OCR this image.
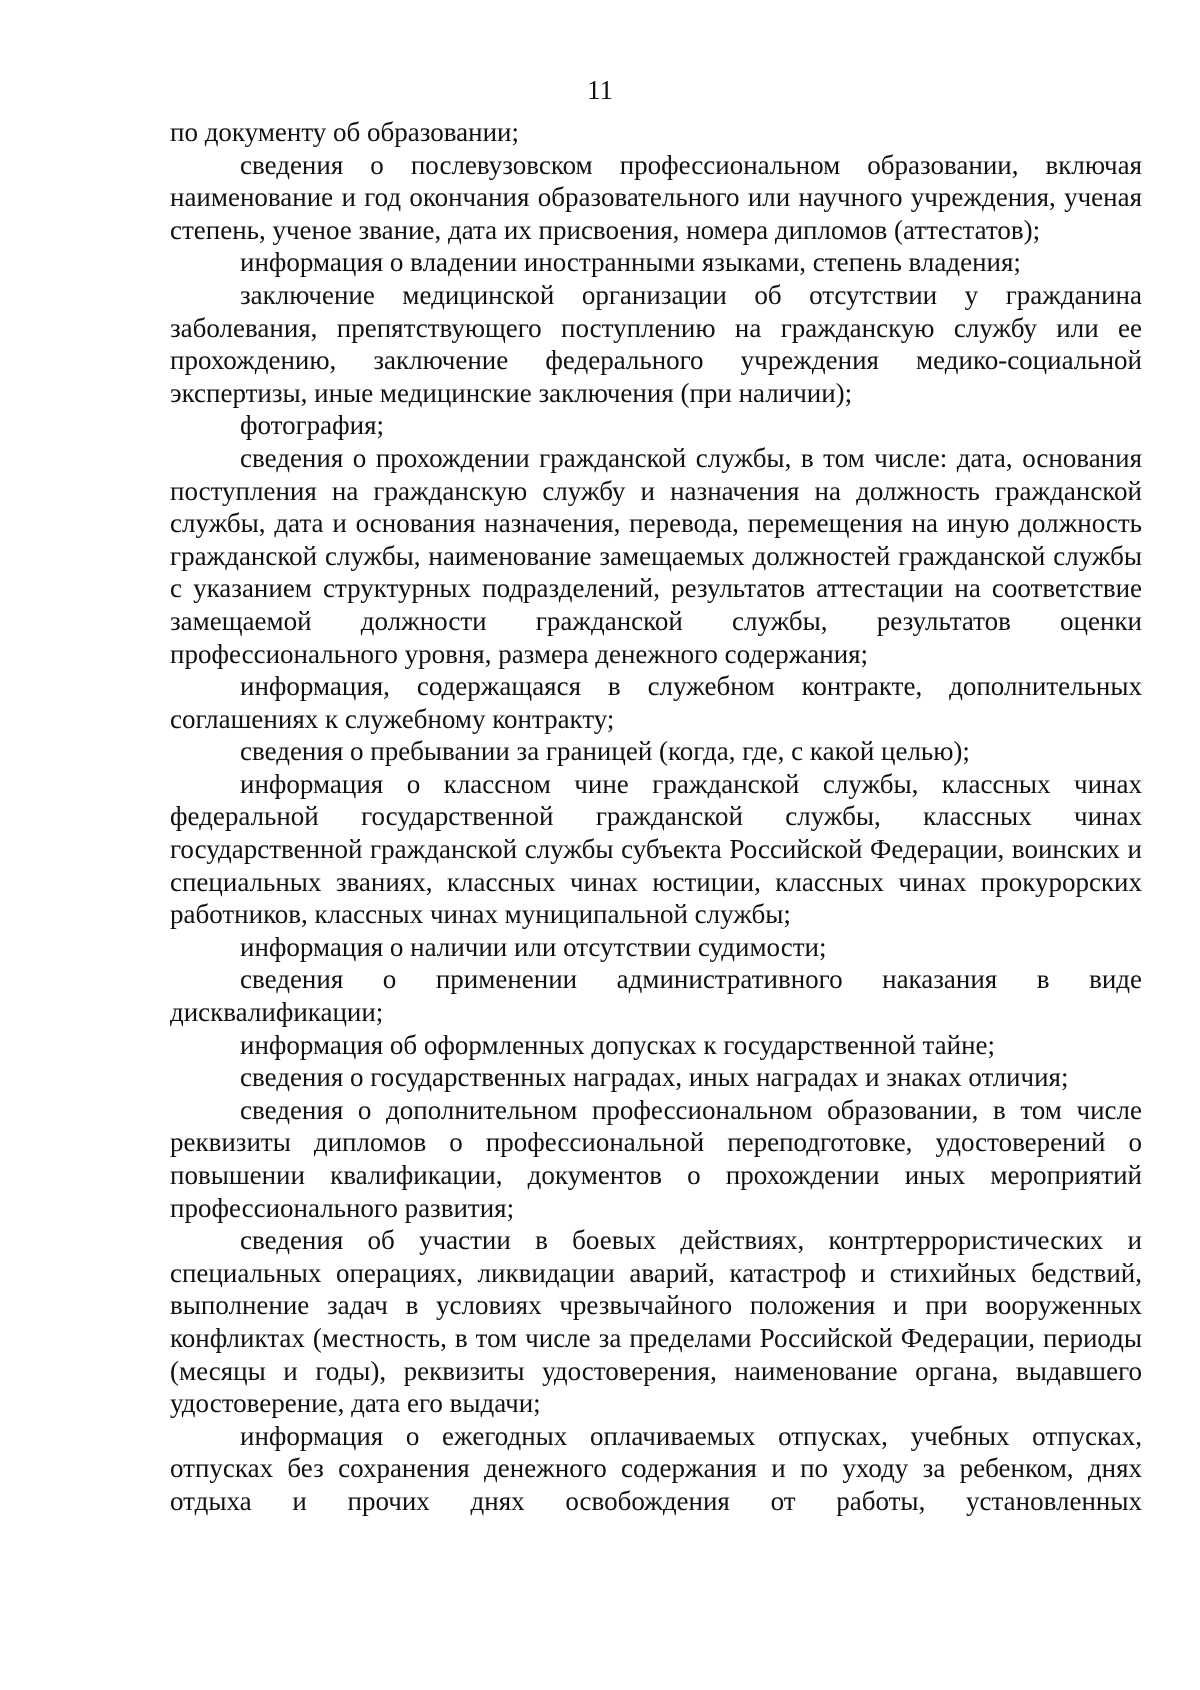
11

по документу об образовании;

сведения о послевузовском профессиональном образовании, включая наименование и год окончания образовательного или научного учреждения, ученая степень, ученое звание, дата их присвоения, номера дипломов (аттестатов);

информация о владении иностранными языками, степень владения;

заключение медицинской организации об отсутствии у гражданина заболевания, препятствующего поступлению на гражданскую службу или ее прохождению, заключение федерального учреждения медико-социальной экспертизы, иные медицинские заключения (при наличии);

фотография;

сведения о прохождении гражданской службы, в том числе: дата, основания поступления на гражданскую службу и назначения на должность гражданской службы, дата и основания назначения, перевода, перемещения на иную должность гражданской службы, наименование замещаемых должностей гражданской службы с указанием структурных подразделений, результатов аттестации на соответствие замещаемой должности гражданской службы, результатов оценки профессионального уровня, размера денежного содержания;

информация, содержащаяся в служебном контракте, дополнительных соглашениях к служебному контракту;

сведения о пребывании за границей (когда, где, с какой целью);

информация о классном чине гражданской службы, классных чинах федеральной государственной гражданской службы, классных чинах государственной гражданской службы субъекта Российской Федерации, воинских и специальных званиях, классных чинах юстиции, классных чинах прокурорских работников, классных чинах муниципальной службы;

информация о наличии или отсутствии судимости;

сведения о применении административного наказания в виде дисквалификации;

информация об оформленных допусках к государственной тайне;

сведения о государственных наградах, иных наградах и знаках отличия;

сведения о дополнительном профессиональном образовании, в том числе реквизиты дипломов о профессиональной переподготовке, удостоверений о повышении квалификации, документов о прохождении иных мероприятий профессионального развития;

сведения об участии в боевых действиях, контртеррористических и специальных операциях, ликвидации аварий, катастроф и стихийных бедствий, выполнение задач в условиях чрезвычайного положения и при вооруженных конфликтах (местность, в том числе за пределами Российской Федерации, периоды (месяцы и годы), реквизиты удостоверения, наименование органа, выдавшего удостоверение, дата его выдачи;

информация о ежегодных оплачиваемых отпусках, учебных отпусках, отпусках без сохранения денежного содержания и по уходу за ребенком, днях отдыха и прочих днях освобождения от работы, установленных
